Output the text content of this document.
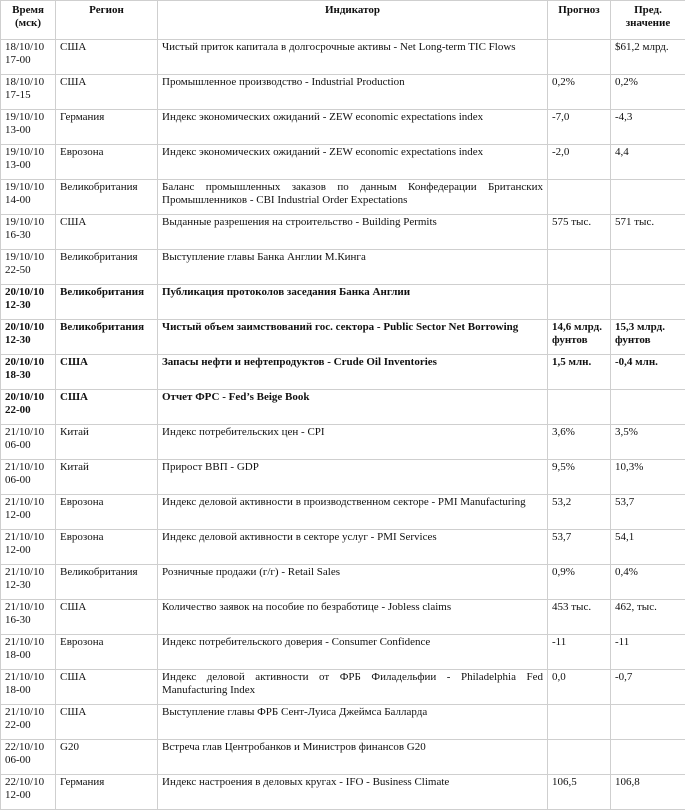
Время (мск)	Регион	Индикатор	Прогноз	Пред. значение

18/10/10
17-00	США	Чистый приток капитала в долгосрочные активы - Net Long-term TIC Flows		$61,2 млрд.

18/10/10
17-15	США	Промышленное производство - Industrial Production	0,2%	0,2%

19/10/10
13-00	Германия	Индекс экономических ожиданий - ZEW economic expectations index	-7,0	-4,3

19/10/10
13-00	Еврозона	Индекс экономических ожиданий - ZEW economic expectations index	-2,0	4,4

19/10/10
14-00	Великобритания	Баланс промышленных заказов по данным Конфедерации Британских Промышленников - CBI Industrial Order Expectations		

19/10/10
16-30	США	Выданные разрешения на строительство - Building Permits	575 тыс.	571 тыс.

19/10/10
22-50	Великобритания	Выступление главы Банка Англии М.Кинга		

20/10/10
12-30	Великобритания	Публикация протоколов заседания Банка Англии		

20/10/10
12-30	Великобритания	Чистый объем заимствований гос. сектора - Public Sector Net Borrowing	14,6 млрд. фунтов	15,3 млрд. фунтов

20/10/10
18-30	США	Запасы нефти и нефтепродуктов - Crude Oil Inventories	1,5 млн.	-0,4 млн.

20/10/10
22-00	США	Отчет ФРС - Fed’s Beige Book		

21/10/10
06-00	Китай	Индекс потребительских цен - CPI	3,6%	3,5%

21/10/10
06-00	Китай	Прирост ВВП - GDP	9,5%	10,3%

21/10/10
12-00	Еврозона	Индекс деловой активности в производственном секторе - PMI Manufacturing	53,2	53,7

21/10/10
12-00	Еврозона	Индекс деловой активности в секторе услуг - PMI Services	53,7	54,1

21/10/10
12-30	Великобритания	Розничные продажи (г/г) - Retail Sales	0,9%	0,4%

21/10/10
16-30	США	Количество заявок на пособие по безработице - Jobless claims	453 тыс.	462, тыс.

21/10/10
18-00	Еврозона	Индекс потребительского доверия - Consumer Confidence	-11	-11

21/10/10
18-00	США	Индекс деловой активности от ФРБ Филадельфии - Philadelphia Fed Manufacturing Index	0,0	-0,7

21/10/10
22-00	США	Выступление главы ФРБ Сент-Луиса Джеймса Балларда		

22/10/10
06-00	G20	Встреча глав Центробанков и Министров финансов G20		

22/10/10
12-00	Германия	Индекс настроения в деловых кругах - IFO - Business Climate	106,5	106,8
